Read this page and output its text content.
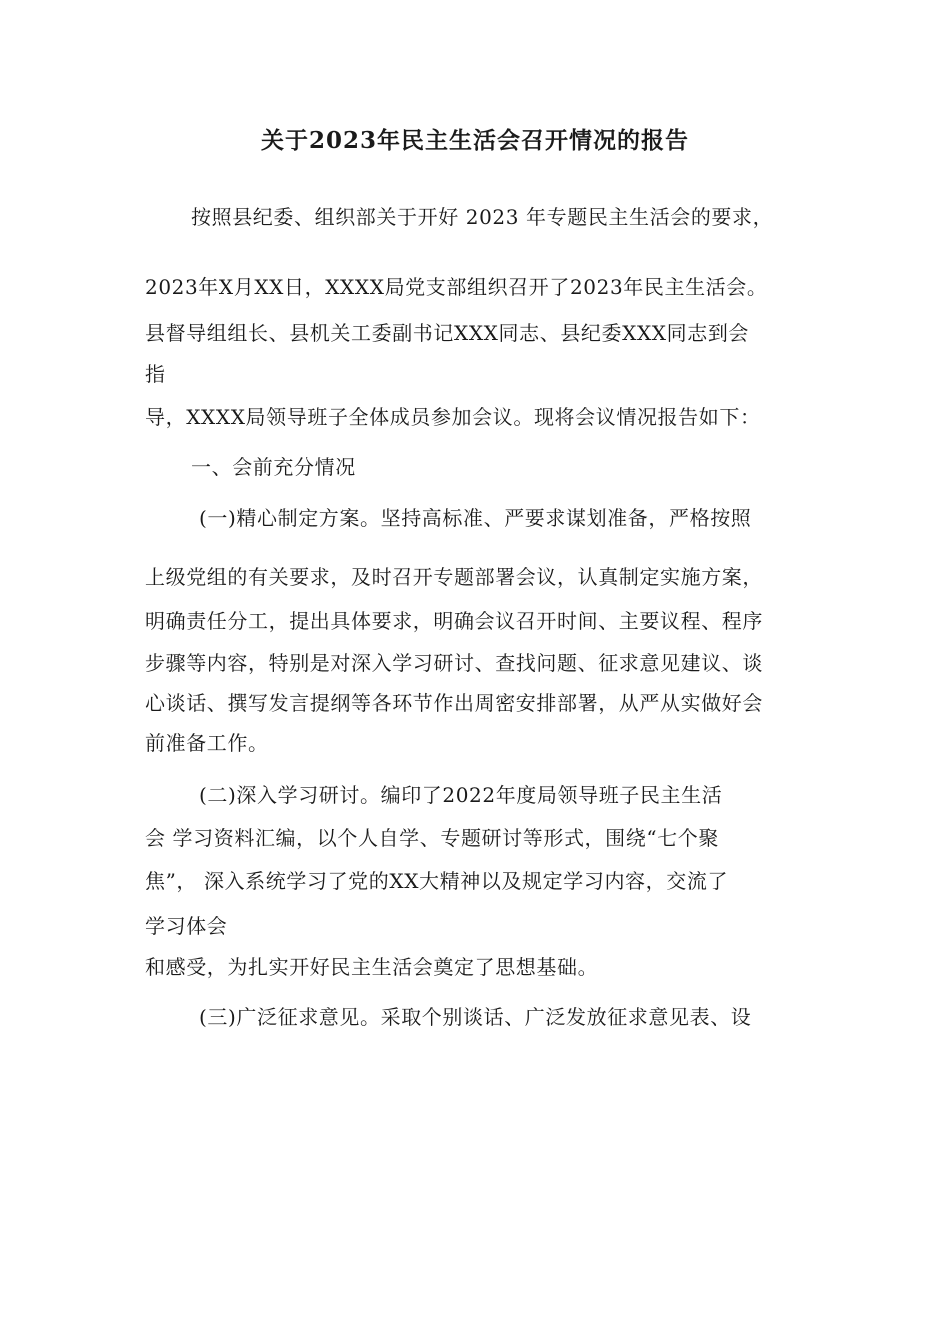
关于2023年民主生活会召开情况的报告
按照县纪委、组织部关于开好 2023 年专题民主生活会的要求，
2023年X月XX日，XXXX局党支部组织召开了2023年民主生活会。
县督导组组长、县机关工委副书记XXX同志、县纪委XXX同志到会
指
导，XXXX局领导班子全体成员参加会议。现将会议情况报告如下：
一、会前充分情况
(一)精心制定方案。坚持高标准、严要求谋划准备，严格按照
上级党组的有关要求，及时召开专题部署会议，认真制定实施方案，
明确责任分工，提出具体要求，明确会议召开时间、主要议程、程序
步骤等内容，特别是对深入学习研讨、查找问题、征求意见建议、谈
心谈话、撰写发言提纲等各环节作出周密安排部署，从严从实做好会
前准备工作。
(二)深入学习研讨。编印了2022年度局领导班子民主生活
会 学习资料汇编，以个人自学、专题研讨等形式，围绕“七个聚
焦”， 深入系统学习了党的XX大精神以及规定学习内容，交流了
学习体会
和感受，为扎实开好民主生活会奠定了思想基础。
(三)广泛征求意见。采取个别谈话、广泛发放征求意见表、设
